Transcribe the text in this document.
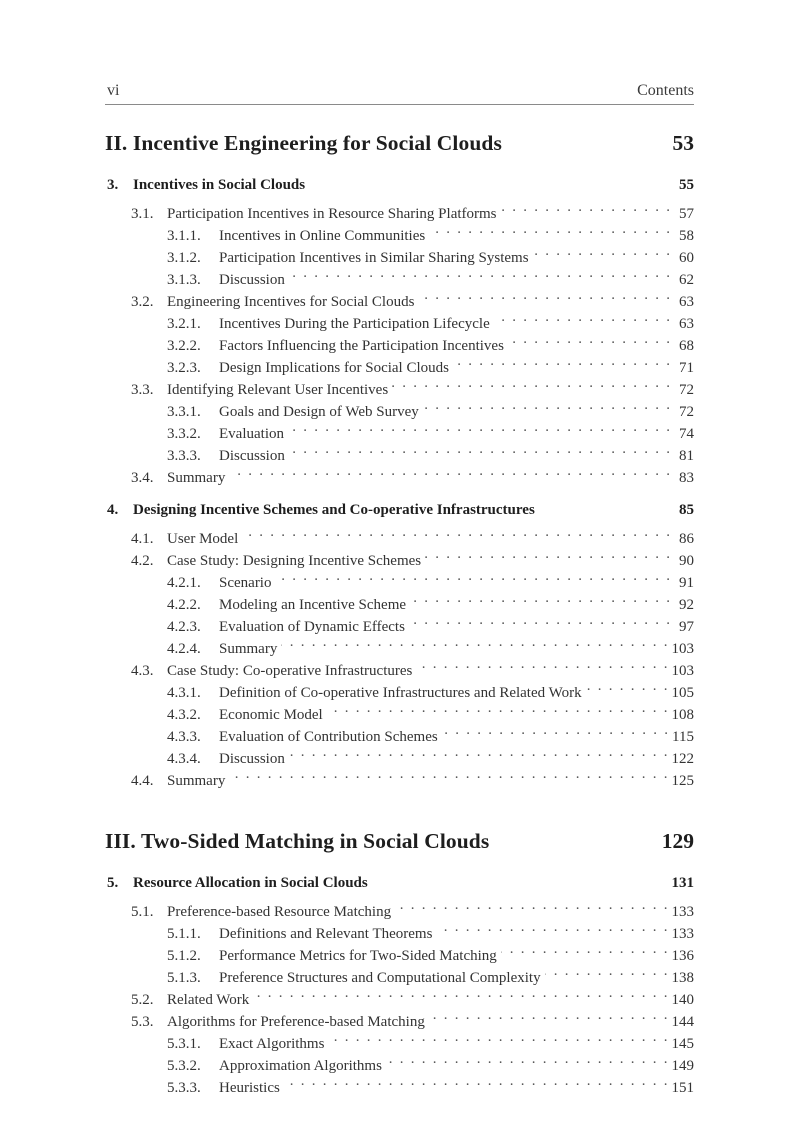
vi	Contents
II. Incentive Engineering for Social Clouds	53
3. Incentives in Social Clouds	55
3.1. Participation Incentives in Resource Sharing Platforms . . .	57
3.1.1.	Incentives in Online Communities . . .	58
3.1.2.	Participation Incentives in Similar Sharing Systems . . .	60
3.1.3.	Discussion . . .	62
3.2. Engineering Incentives for Social Clouds . . .	63
3.2.1.	Incentives During the Participation Lifecycle . . .	63
3.2.2.	Factors Influencing the Participation Incentives . . .	68
3.2.3.	Design Implications for Social Clouds . . .	71
3.3. Identifying Relevant User Incentives . . .	72
3.3.1.	Goals and Design of Web Survey . . .	72
3.3.2.	Evaluation . . .	74
3.3.3.	Discussion . . .	81
3.4. Summary . . .	83
4. Designing Incentive Schemes and Co-operative Infrastructures	85
4.1. User Model . . .	86
4.2. Case Study: Designing Incentive Schemes . . .	90
4.2.1.	Scenario . . .	91
4.2.2.	Modeling an Incentive Scheme . . .	92
4.2.3.	Evaluation of Dynamic Effects . . .	97
4.2.4.	Summary . . .	103
4.3. Case Study: Co-operative Infrastructures . . .	103
4.3.1.	Definition of Co-operative Infrastructures and Related Work . . .	105
4.3.2.	Economic Model . . .	108
4.3.3.	Evaluation of Contribution Schemes . . .	115
4.3.4.	Discussion . . .	122
4.4. Summary . . .	125
III. Two-Sided Matching in Social Clouds	129
5. Resource Allocation in Social Clouds	131
5.1. Preference-based Resource Matching . . .	133
5.1.1.	Definitions and Relevant Theorems . . .	133
5.1.2.	Performance Metrics for Two-Sided Matching . . .	136
5.1.3.	Preference Structures and Computational Complexity . . .	138
5.2. Related Work . . .	140
5.3. Algorithms for Preference-based Matching . . .	144
5.3.1.	Exact Algorithms . . .	145
5.3.2.	Approximation Algorithms . . .	149
5.3.3.	Heuristics . . .	151
